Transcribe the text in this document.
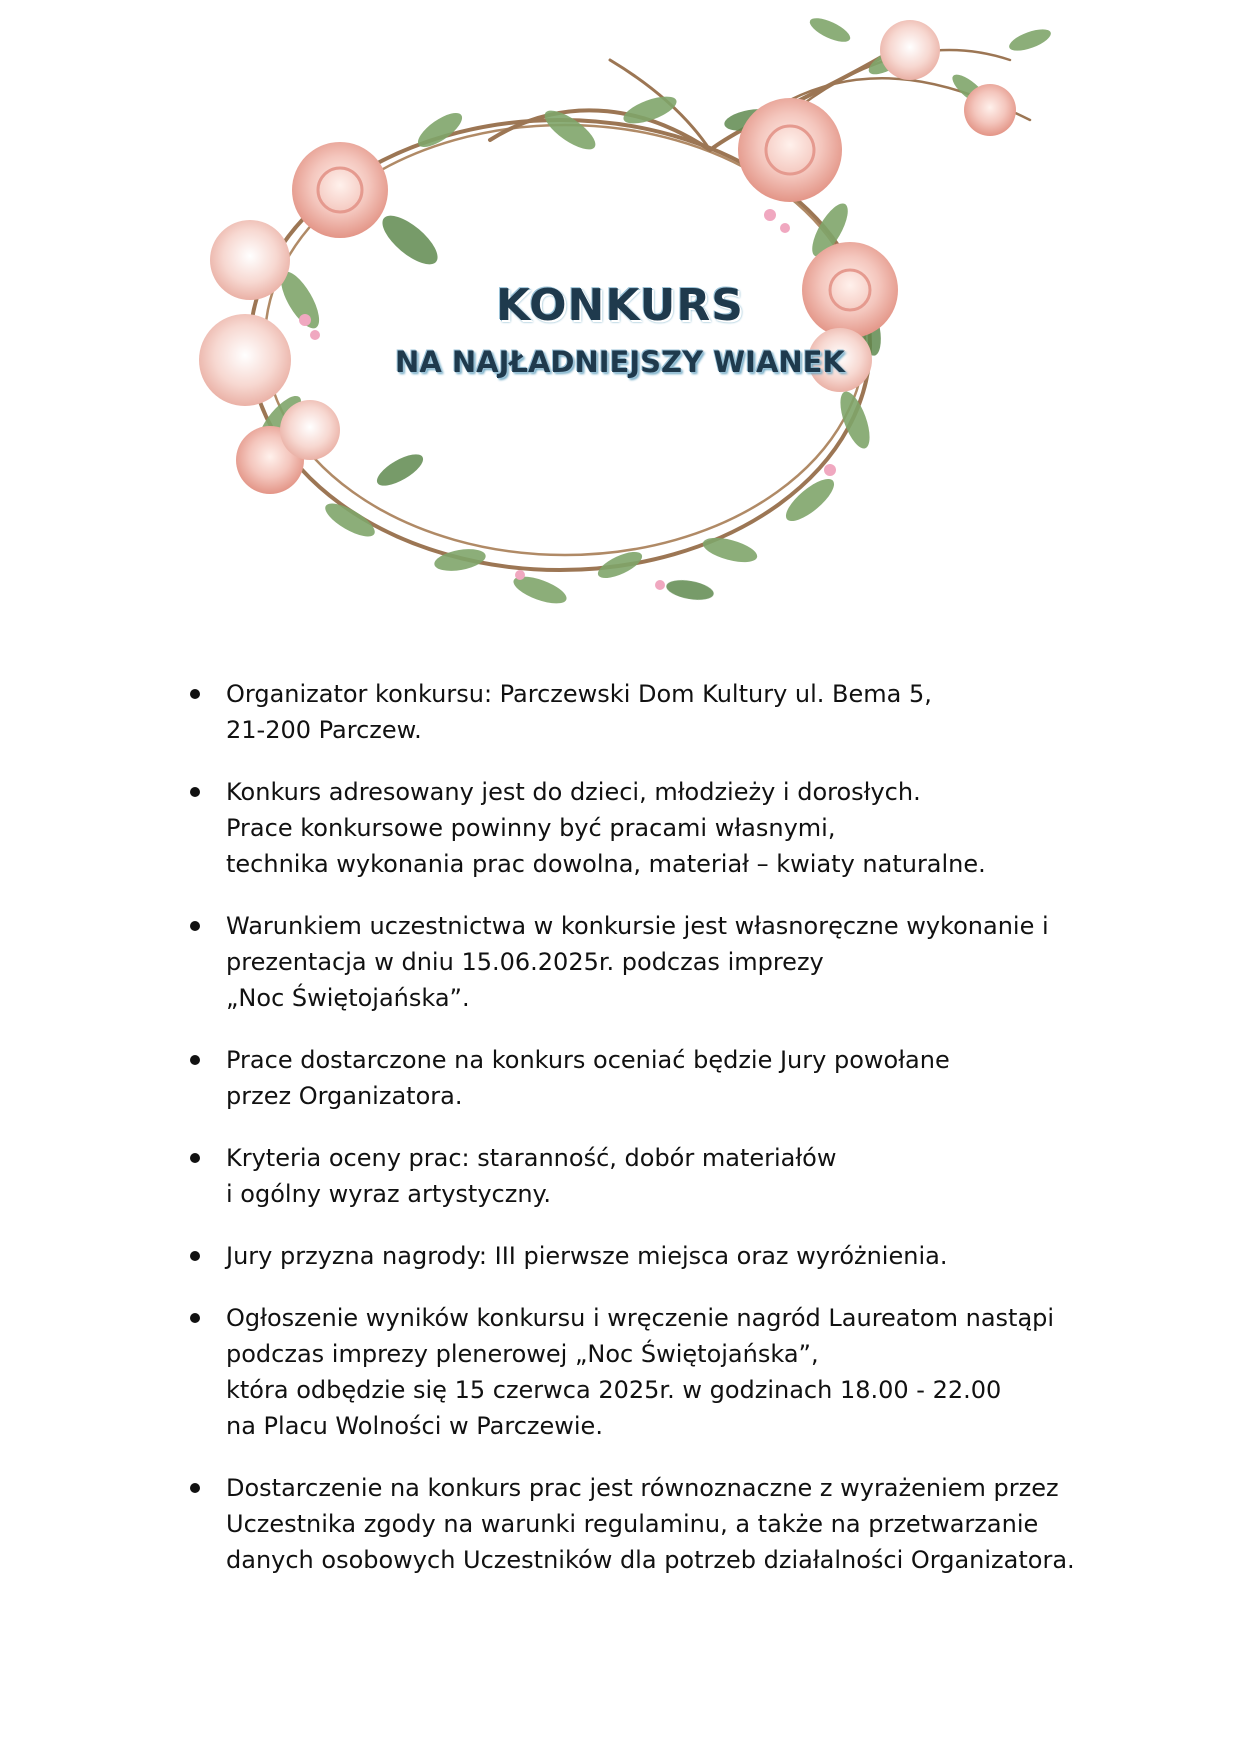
KONKURS
NA NAJŁADNIEJSZY WIANEK
Organizator konkursu: Parczewski Dom Kultury ul. Bema 5,
21-200 Parczew.
Konkurs adresowany jest do dzieci, młodzieży i dorosłych.
Prace konkursowe powinny być pracami własnymi,
technika wykonania prac dowolna, materiał – kwiaty naturalne.
Warunkiem uczestnictwa w konkursie jest własnoręczne wykonanie i
prezentacja w dniu 15.06.2025r. podczas imprezy
„Noc Świętojańska”.
Prace dostarczone na konkurs oceniać będzie Jury powołane
przez Organizatora.
Kryteria oceny prac: staranność, dobór materiałów
i ogólny wyraz artystyczny.
Jury przyzna nagrody: III pierwsze miejsca oraz wyróżnienia.
Ogłoszenie wyników konkursu i wręczenie nagród Laureatom nastąpi
podczas imprezy plenerowej „Noc Świętojańska”,
która odbędzie się 15 czerwca 2025r. w godzinach 18.00 - 22.00
na Placu Wolności w Parczewie.
Dostarczenie na konkurs prac jest równoznaczne z wyrażeniem przez
Uczestnika zgody na warunki regulaminu, a także na przetwarzanie
danych osobowych Uczestników dla potrzeb działalności Organizatora.
